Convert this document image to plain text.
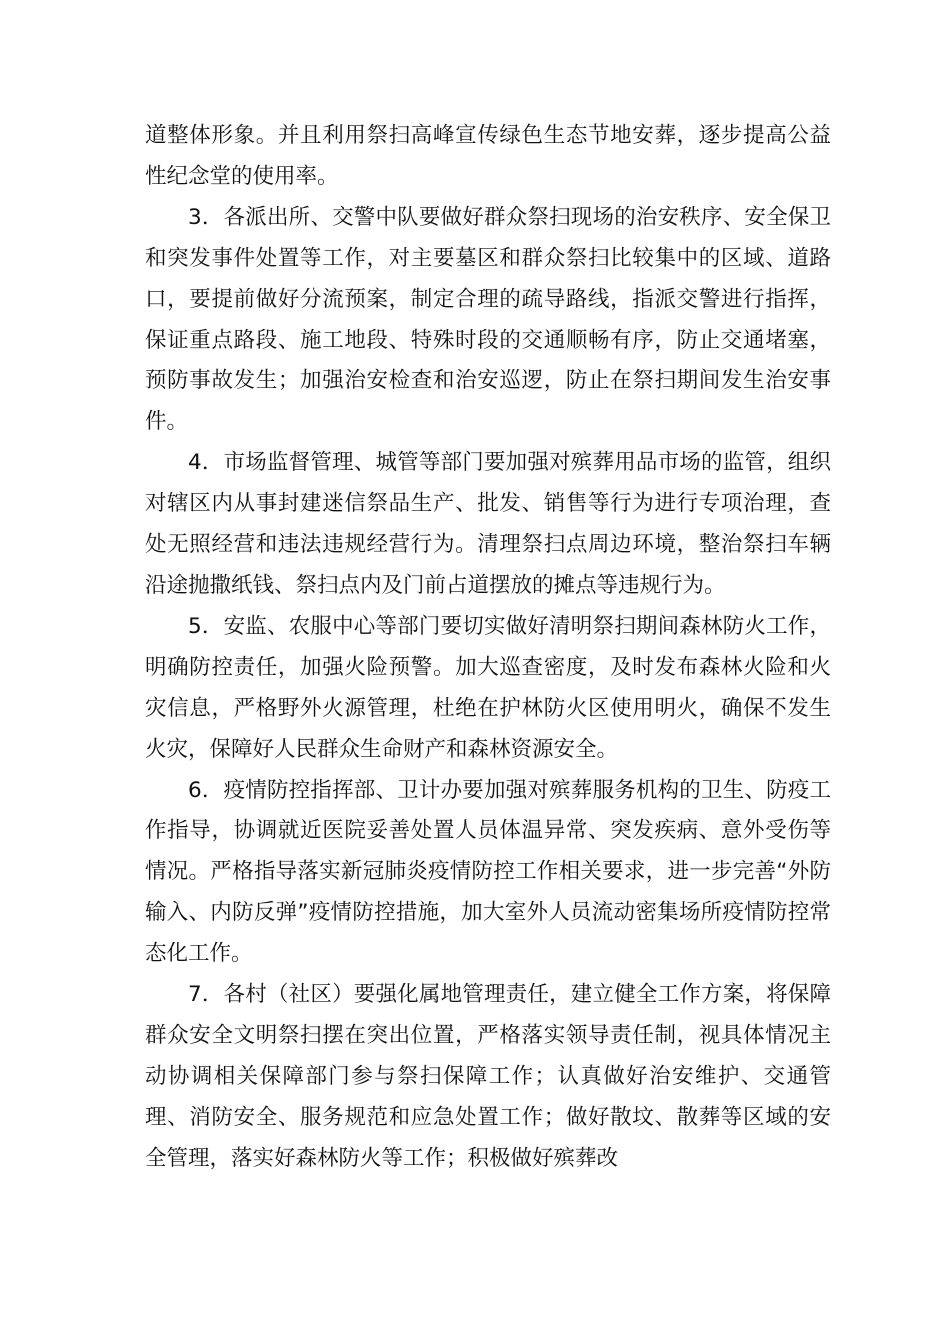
道整体形象。并且利用祭扫高峰宣传绿色生态节地安葬，逐步提高公益性纪念堂的使用率。

3．各派出所、交警中队要做好群众祭扫现场的治安秩序、安全保卫和突发事件处置等工作，对主要墓区和群众祭扫比较集中的区域、道路口，要提前做好分流预案，制定合理的疏导路线，指派交警进行指挥，保证重点路段、施工地段、特殊时段的交通顺畅有序，防止交通堵塞，预防事故发生；加强治安检查和治安巡逻，防止在祭扫期间发生治安事件。

4．市场监督管理、城管等部门要加强对殡葬用品市场的监管，组织对辖区内从事封建迷信祭品生产、批发、销售等行为进行专项治理，查处无照经营和违法违规经营行为。清理祭扫点周边环境，整治祭扫车辆沿途抛撒纸钱、祭扫点内及门前占道摆放的摊点等违规行为。

5．安监、农服中心等部门要切实做好清明祭扫期间森林防火工作，明确防控责任，加强火险预警。加大巡查密度，及时发布森林火险和火灾信息，严格野外火源管理，杜绝在护林防火区使用明火，确保不发生火灾，保障好人民群众生命财产和森林资源安全。

6．疫情防控指挥部、卫计办要加强对殡葬服务机构的卫生、防疫工作指导，协调就近医院妥善处置人员体温异常、突发疾病、意外受伤等情况。严格指导落实新冠肺炎疫情防控工作相关要求，进一步完善“外防输入、内防反弹”疫情防控措施，加大室外人员流动密集场所疫情防控常态化工作。

7．各村（社区）要强化属地管理责任，建立健全工作方案，将保障群众安全文明祭扫摆在突出位置，严格落实领导责任制，视具体情况主动协调相关保障部门参与祭扫保障工作；认真做好治安维护、交通管理、消防安全、服务规范和应急处置工作；做好散坟、散葬等区域的安全管理，落实好森林防火等工作；积极做好殡葬改
